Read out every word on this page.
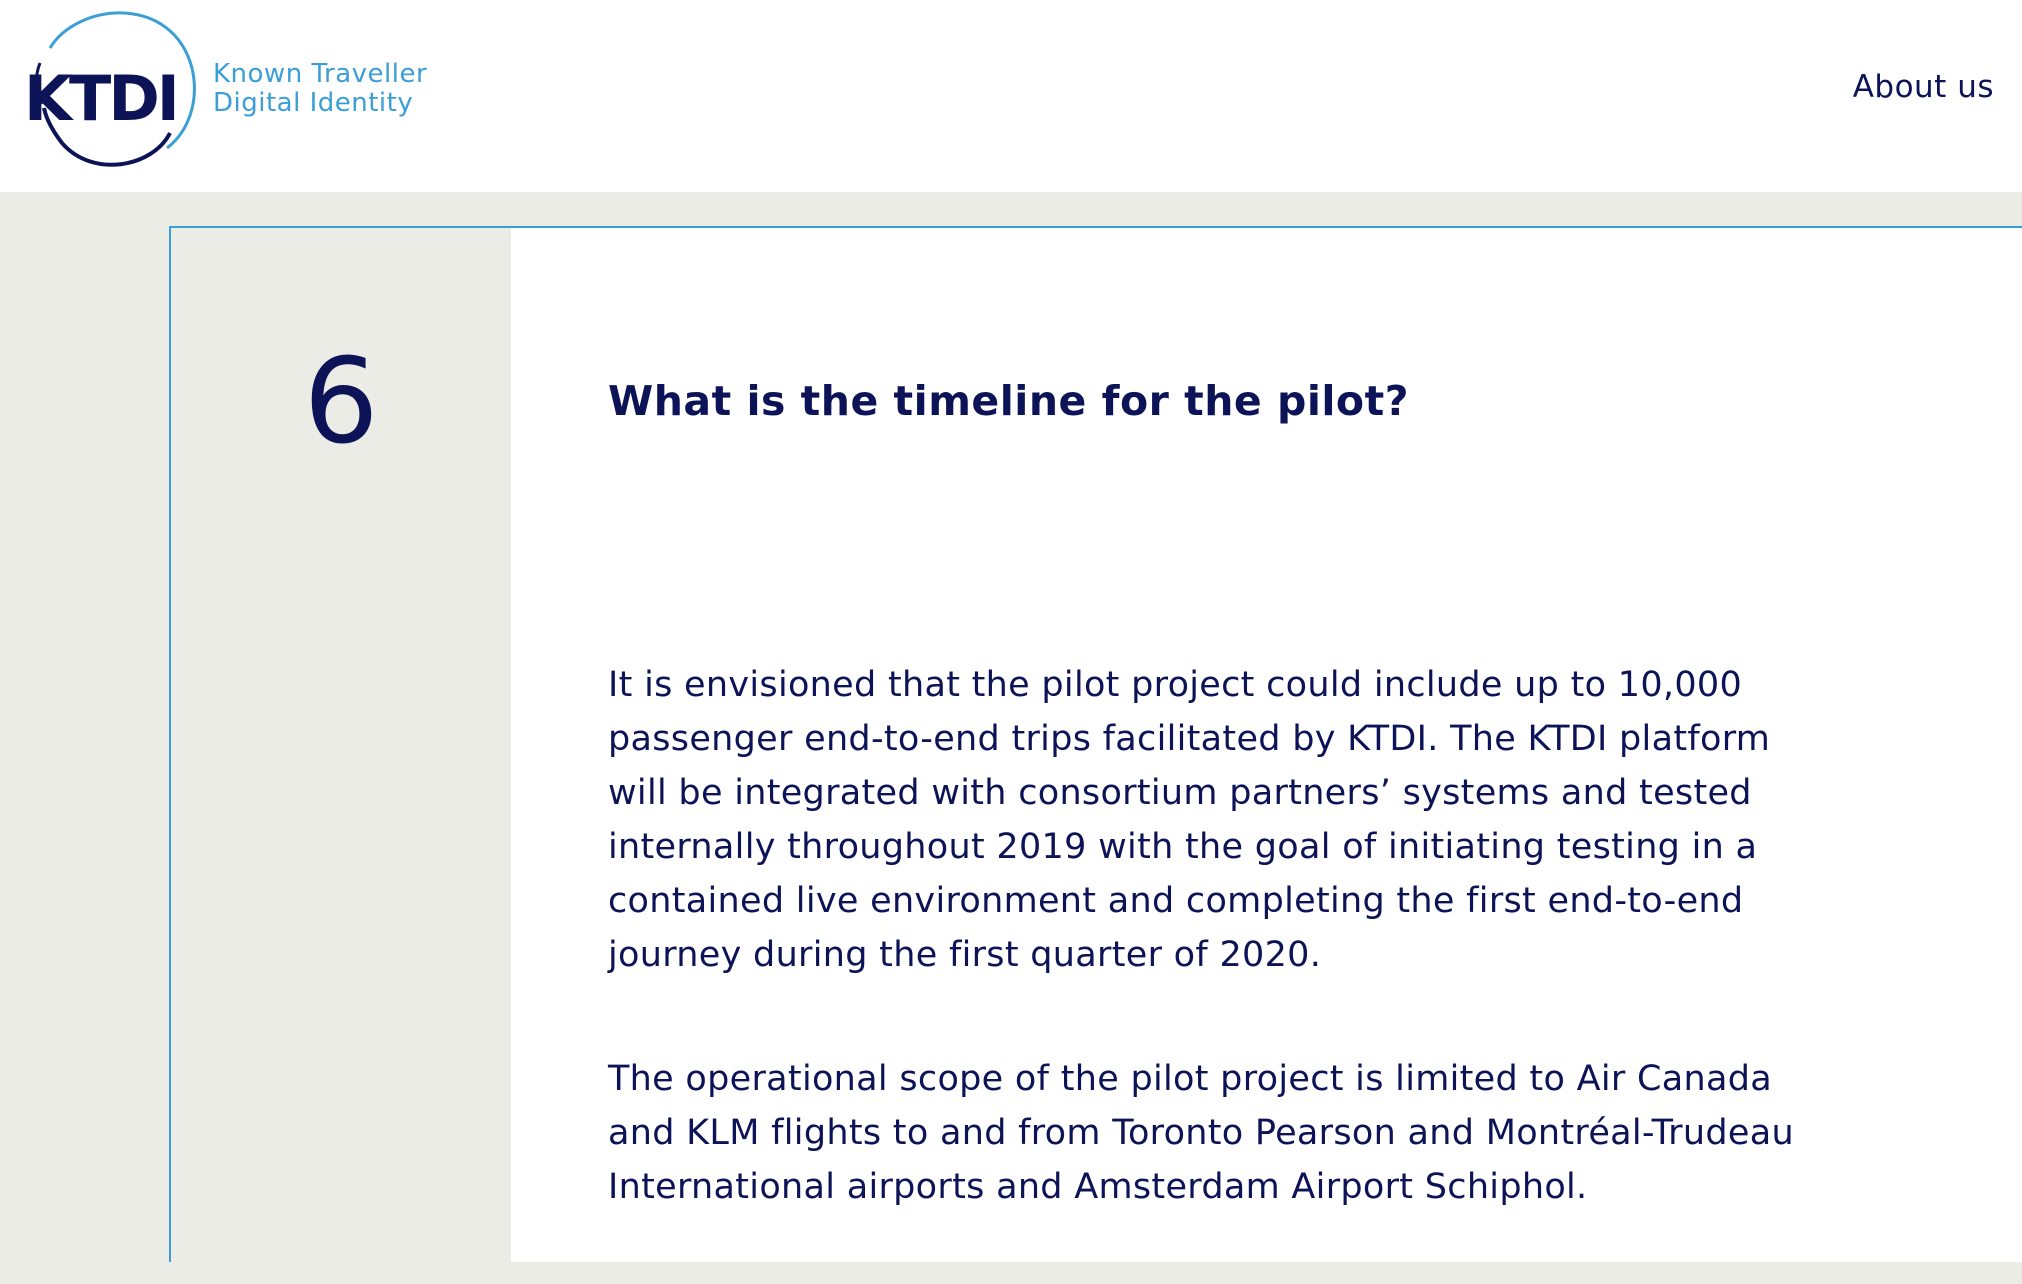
KTDI Known Traveller
Digital Identity	About us
6	What is the timeline for the pilot?

It is envisioned that the pilot project could include up to 10,000
passenger end-to-end trips facilitated by KTDI. The KTDI platform
will be integrated with consortium partners’ systems and tested
internally throughout 2019 with the goal of initiating testing in a
contained live environment and completing the first end-to-end
journey during the first quarter of 2020.

The operational scope of the pilot project is limited to Air Canada
and KLM flights to and from Toronto Pearson and Montréal-Trudeau
International airports and Amsterdam Airport Schiphol.
